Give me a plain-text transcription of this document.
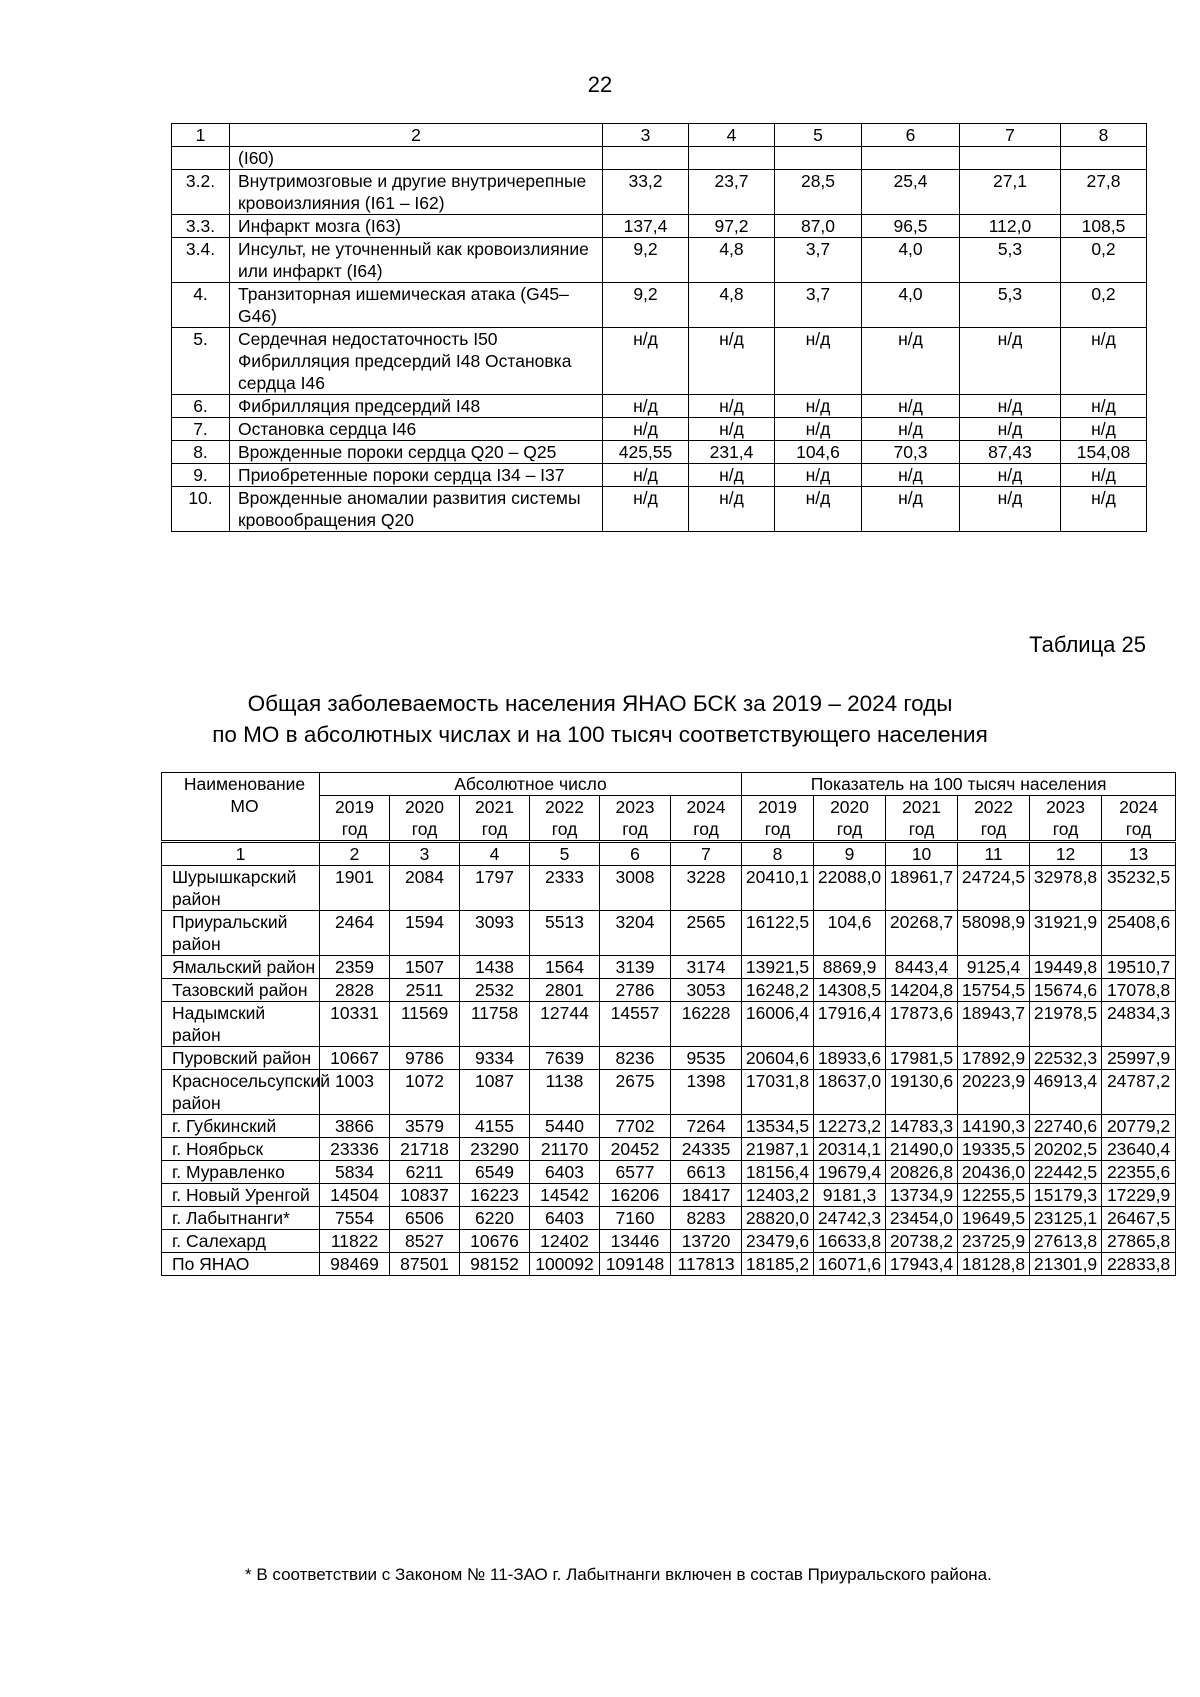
22
1	2	3	4	5	6	7	8
	(I60)						
3.2.	Внутримозговые и другие внутричерепные кровоизлияния (I61 – I62)	33,2	23,7	28,5	25,4	27,1	27,8
3.3.	Инфаркт мозга (I63)	137,4	97,2	87,0	96,5	112,0	108,5
3.4.	Инсульт, не уточненный как кровоизлияние или инфаркт (I64)	9,2	4,8	3,7	4,0	5,3	0,2
4.	Транзиторная ишемическая атака (G45–G46)	9,2	4,8	3,7	4,0	5,3	0,2
5.	Сердечная недостаточность I50 Фибрилляция предсердий I48 Остановка сердца I46	н/д	н/д	н/д	н/д	н/д	н/д
6.	Фибрилляция предсердий I48	н/д	н/д	н/д	н/д	н/д	н/д
7.	Остановка сердца I46	н/д	н/д	н/д	н/д	н/д	н/д
8.	Врожденные пороки сердца Q20 – Q25	425,55	231,4	104,6	70,3	87,43	154,08
9.	Приобретенные пороки сердца I34 – I37	н/д	н/д	н/д	н/д	н/д	н/д
10.	Врожденные аномалии развития системы кровообращения Q20	н/д	н/д	н/д	н/д	н/д	н/д
Таблица 25
Общая заболеваемость населения ЯНАО БСК за 2019 – 2024 годы
по МО в абсолютных числах и на 100 тысяч соответствующего населения
Наименование МО	Абсолютное число						Показатель на 100 тысяч населения					
	2019 год	2020 год	2021 год	2022 год	2023 год	2024 год	2019 год	2020 год	2021 год	2022 год	2023 год	2024 год
1	2	3	4	5	6	7	8	9	10	11	12	13
Шурышкарский район	1901	2084	1797	2333	3008	3228	20410,1	22088,0	18961,7	24724,5	32978,8	35232,5
Приуральский район	2464	1594	3093	5513	3204	2565	16122,5	104,6	20268,7	58098,9	31921,9	25408,6
Ямальский район	2359	1507	1438	1564	3139	3174	13921,5	8869,9	8443,4	9125,4	19449,8	19510,7
Тазовский район	2828	2511	2532	2801	2786	3053	16248,2	14308,5	14204,8	15754,5	15674,6	17078,8
Надымский район	10331	11569	11758	12744	14557	16228	16006,4	17916,4	17873,6	18943,7	21978,5	24834,3
Пуровский район	10667	9786	9334	7639	8236	9535	20604,6	18933,6	17981,5	17892,9	22532,3	25997,9
Красносельсупский район	1003	1072	1087	1138	2675	1398	17031,8	18637,0	19130,6	20223,9	46913,4	24787,2
г. Губкинский	3866	3579	4155	5440	7702	7264	13534,5	12273,2	14783,3	14190,3	22740,6	20779,2
г. Ноябрьск	23336	21718	23290	21170	20452	24335	21987,1	20314,1	21490,0	19335,5	20202,5	23640,4
г. Муравленко	5834	6211	6549	6403	6577	6613	18156,4	19679,4	20826,8	20436,0	22442,5	22355,6
г. Новый Уренгой	14504	10837	16223	14542	16206	18417	12403,2	9181,3	13734,9	12255,5	15179,3	17229,9
г. Лабытнанги*	7554	6506	6220	6403	7160	8283	28820,0	24742,3	23454,0	19649,5	23125,1	26467,5
г. Салехард	11822	8527	10676	12402	13446	13720	23479,6	16633,8	20738,2	23725,9	27613,8	27865,8
По ЯНАО	98469	87501	98152	100092	109148	117813	18185,2	16071,6	17943,4	18128,8	21301,9	22833,8
* В соответствии с Законом № 11-ЗАО г. Лабытнанги включен в состав Приуральского района.
